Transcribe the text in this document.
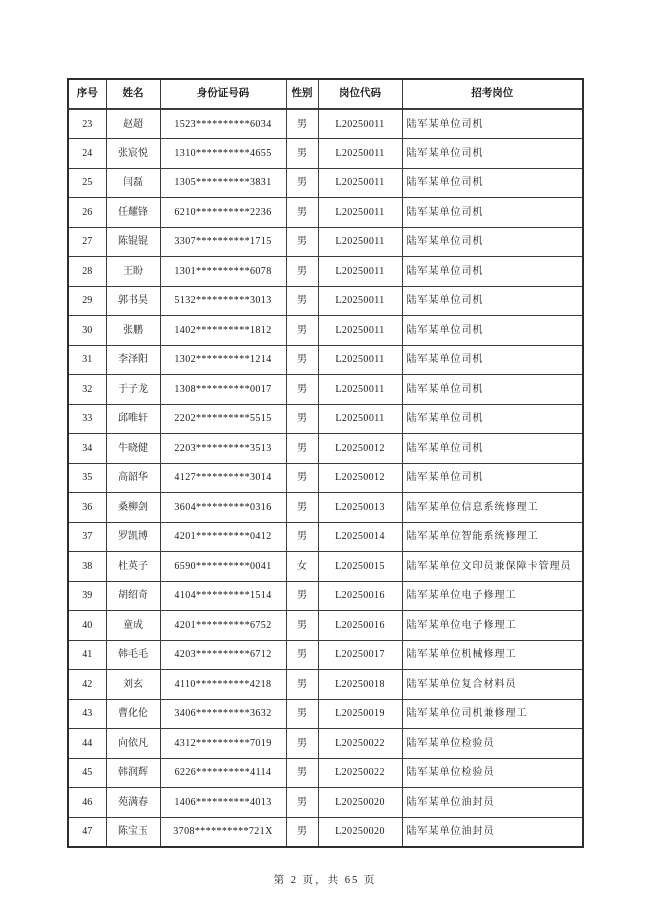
序号	姓名	身份证号码	性别	岗位代码	招考岗位
23	赵超	1523**********6034	男	L20250011	陆军某单位司机
24	张宸悦	1310**********4655	男	L20250011	陆军某单位司机
25	闫磊	1305**********3831	男	L20250011	陆军某单位司机
26	任耀锋	6210**********2236	男	L20250011	陆军某单位司机
27	陈锟锟	3307**********1715	男	L20250011	陆军某单位司机
28	王盼	1301**********6078	男	L20250011	陆军某单位司机
29	郭书昊	5132**********3013	男	L20250011	陆军某单位司机
30	张鹏	1402**********1812	男	L20250011	陆军某单位司机
31	李泽阳	1302**********1214	男	L20250011	陆军某单位司机
32	于子龙	1308**********0017	男	L20250011	陆军某单位司机
33	邱唯轩	2202**********5515	男	L20250011	陆军某单位司机
34	牛晓健	2203**********3513	男	L20250012	陆军某单位司机
35	高韶华	4127**********3014	男	L20250012	陆军某单位司机
36	桑柳剑	3604**********0316	男	L20250013	陆军某单位信息系统修理工
37	罗凯博	4201**********0412	男	L20250014	陆军某单位智能系统修理工
38	杜英子	6590**********0041	女	L20250015	陆军某单位文印员兼保障卡管理员
39	胡绍奇	4104**********1514	男	L20250016	陆军某单位电子修理工
40	童成	4201**********6752	男	L20250016	陆军某单位电子修理工
41	韩毛毛	4203**********6712	男	L20250017	陆军某单位机械修理工
42	刘玄	4110**********4218	男	L20250018	陆军某单位复合材料员
43	曹化伦	3406**********3632	男	L20250019	陆军某单位司机兼修理工
44	向依凡	4312**********7019	男	L20250022	陆军某单位检验员
45	韩润辉	6226**********4114	男	L20250022	陆军某单位检验员
46	苑满春	1406**********4013	男	L20250020	陆军某单位油封员
47	陈宝玉	3708**********721X	男	L20250020	陆军某单位油封员
第 2 页，共 65 页
